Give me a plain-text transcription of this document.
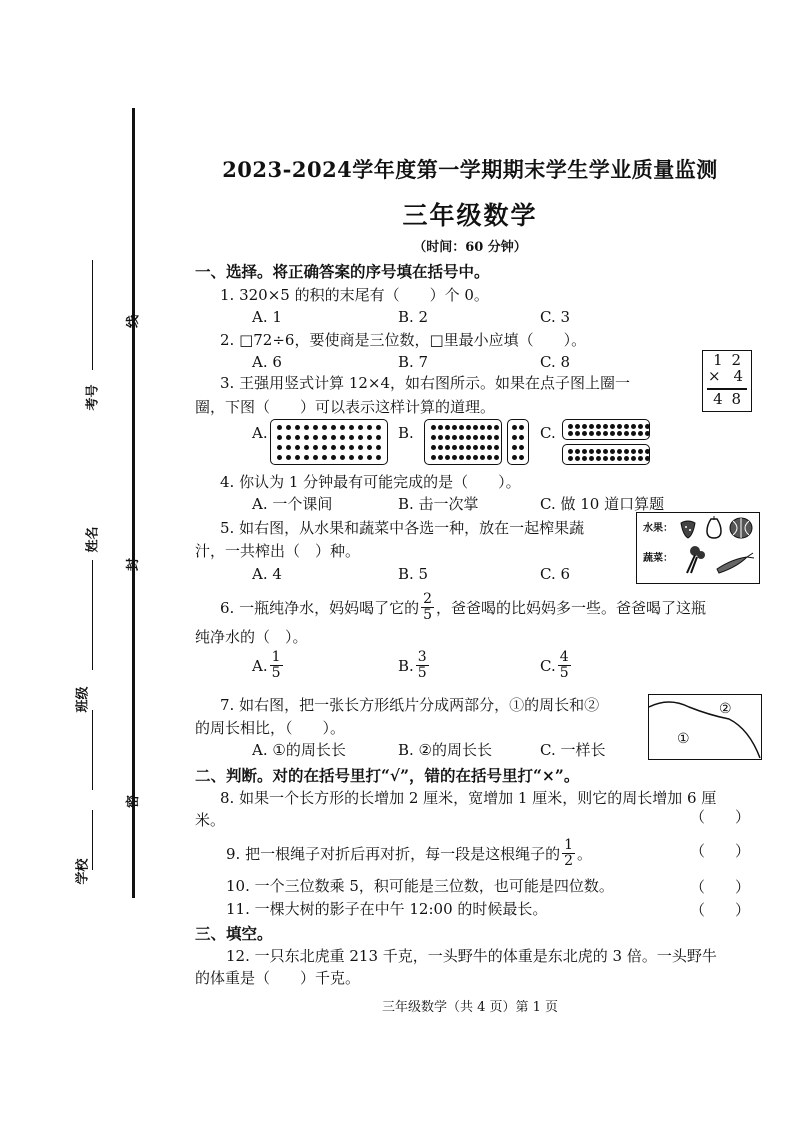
线
封
密
考号
姓名
班级
学校
2023-2024学年度第一学期期末学生学业质量监测
三年级数学
（时间：60 分钟）
一、选择。将正确答案的序号填在括号中。
1. 320×5 的积的末尾有（　　）个 0。
A. 1	B. 2	C. 3
2. □72÷6，要使商是三位数，□里最小应填（　　）。
A. 6	B. 7	C. 8	1 2
× 4
4 8
3. 王强用竖式计算 12×4，如右图所示。如果在点子图上圈一
圈，下图（　　）可以表示这样计算的道理。
A.	B.	C.
4. 你认为 1 分钟最有可能完成的是（　　）。
A. 一个课间	B. 击一次掌	C. 做 10 道口算题
5. 如右图，从水果和蔬菜中各选一种，放在一起榨果蔬
汁，一共榨出（　）种。
A. 4	B. 5	C. 6
水果：
蔬菜：
6. 一瓶纯净水，妈妈喝了它的 $\frac{2}{5}$ ，爸爸喝的比妈妈多一些。爸爸喝了这瓶
纯净水的（　）。
A. $\frac{1}{5}$	B. $\frac{3}{5}$	C. $\frac{4}{5}$
7. 如右图，把一张长方形纸片分成两部分，①的周长和②
的周长相比，（　　）。
A. ①的周长长	B. ②的周长长	C. 一样长
①
②
二、判断。对的在括号里打“√”，错的在括号里打“×”。
8. 如果一个长方形的长增加 2 厘米，宽增加 1 厘米，则它的周长增加 6 厘
米。	（　　）
9. 把一根绳子对折后再对折，每一段是这根绳子的 $\frac{1}{2}$ 。	（　　）
10. 一个三位数乘 5，积可能是三位数，也可能是四位数。	（　　）
11. 一棵大树的影子在中午 12:00 的时候最长。	（　　）
三、填空。
12. 一只东北虎重 213 千克，一头野牛的体重是东北虎的 3 倍。一头野牛
的体重是（　　）千克。
三年级数学（共 4 页）第 1 页
